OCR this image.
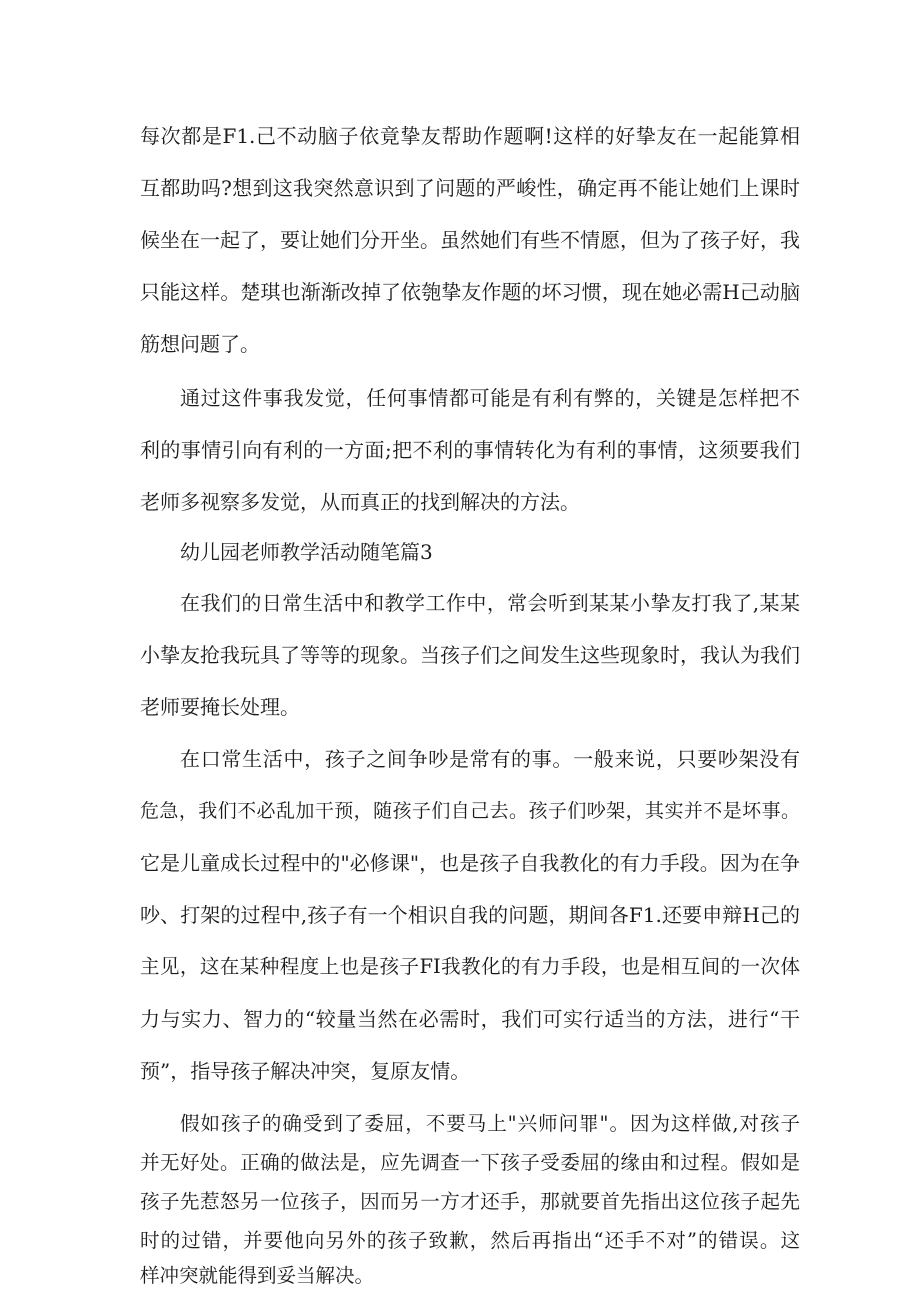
每次都是F1.己不动脑子依竟挚友帮助作题啊!这样的好挚友在一起能算相
互都助吗?想到这我突然意识到了问题的严峻性，确定再不能让她们上课时
候坐在一起了，要让她们分开坐。虽然她们有些不情愿，但为了孩子好，我
只能这样。楚琪也渐渐改掉了依匏挚友作题的坏习惯，现在她必需H己动脑
筋想问题了。
通过这件事我发觉，任何事情都可能是有利有弊的，关键是怎样把不
利的事情引向有利的一方面;把不利的事情转化为有利的事情，这须要我们
老师多视察多发觉，从而真正的找到解决的方法。
幼儿园老师教学活动随笔篇3
在我们的日常生活中和教学工作中，常会听到某某小挚友打我了,某某
小挚友抢我玩具了等等的现象。当孩子们之间发生这些现象时，我认为我们
老师要掩长处理。
在口常生活中，孩子之间争吵是常有的事。一般来说，只要吵架没有
危急，我们不必乱加干预，随孩子们自己去。孩子们吵架，其实并不是坏事。
它是儿童成长过程中的"必修课"，也是孩子自我教化的有力手段。因为在争
吵、打架的过程中,孩子有一个相识自我的问题，期间各F1.还要申辩H己的
主见，这在某种程度上也是孩子FI我教化的有力手段，也是相互间的一次体
力与实力、智力的“较量当然在必需时，我们可实行适当的方法，进行“干
预”，指导孩子解决冲突，复原友情。
假如孩子的确受到了委屈，不要马上"兴师问罪"。因为这样做,对孩子
并无好处。正确的做法是，应先调查一下孩子受委屈的缘由和过程。假如是
孩子先惹怒另一位孩子，因而另一方才还手，那就要首先指出这位孩子起先
时的过错，并要他向另外的孩子致歉，然后再指出“还手不对”的错误。这
样冲突就能得到妥当解决。
